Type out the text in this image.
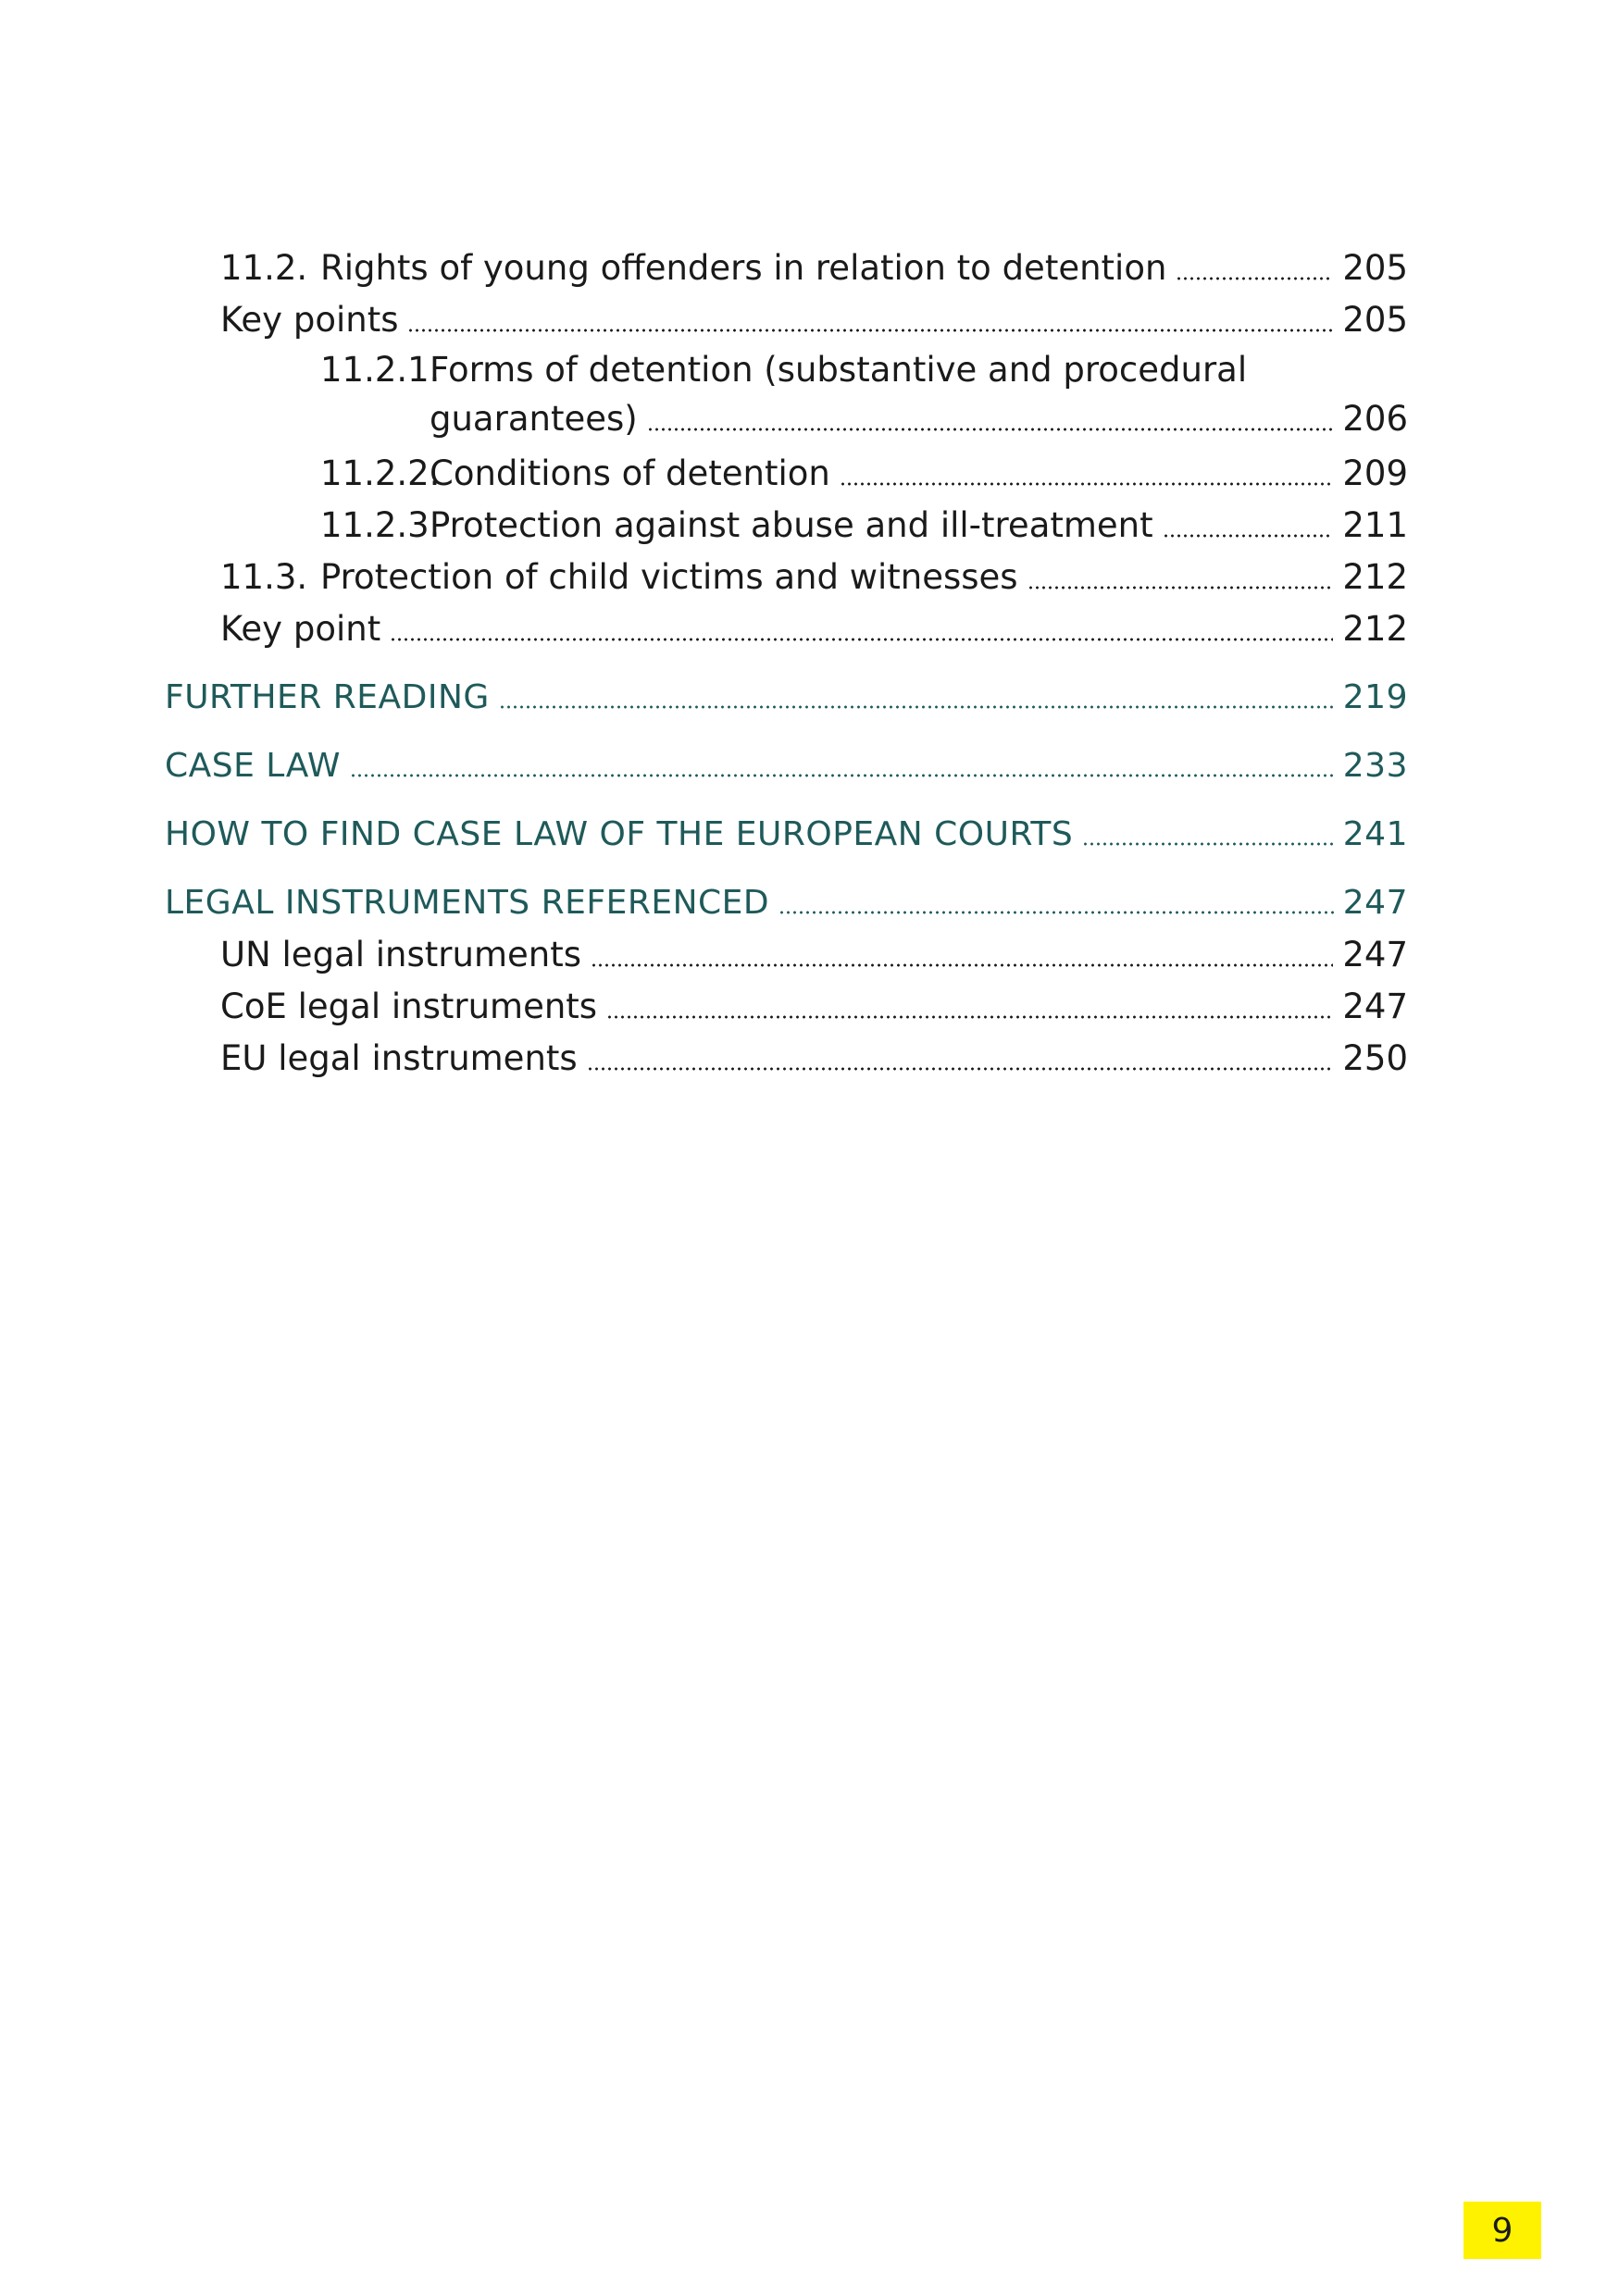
11.2. Rights of young offenders in relation to detention	205
Key points	205
11.2.1.
Forms of detention (substantive and procedural
guarantees)	206
11.2.2.
Conditions of detention	209
11.2.3.
Protection against abuse and ill-treatment	211
11.3. Protection of child victims and witnesses	212
Key point	212
FURTHER READING	219
CASE LAW	233
HOW TO FIND CASE LAW OF THE EUROPEAN COURTS	241
LEGAL INSTRUMENTS REFERENCED	247
UN legal instruments	247
CoE legal instruments	247
EU legal instruments	250
9
